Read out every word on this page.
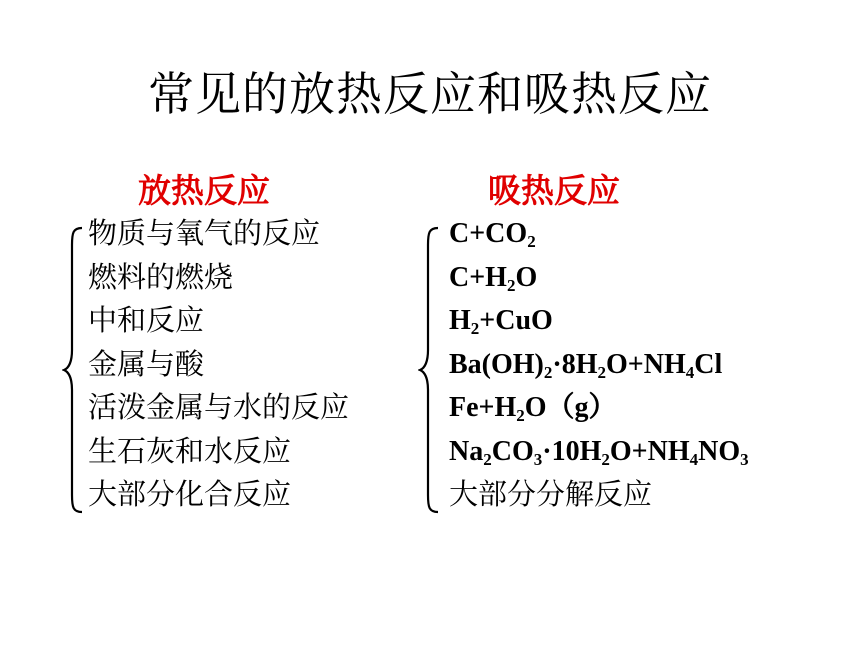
常见的放热反应和吸热反应
放热反应	吸热反应
物质与氧气的反应
燃料的燃烧
中和反应
金属与酸
活泼金属与水的反应
生石灰和水反应
大部分化合反应
$C+CO_2$
$C+H_2O$
$H_2+CuO$
$Ba(OH)_2\cdot 8H_2O+NH_4Cl$
$Fe+H_2O(g)$
$Na_2CO_3\cdot 10H_2O+NH_4NO_3$
大部分分解反应
